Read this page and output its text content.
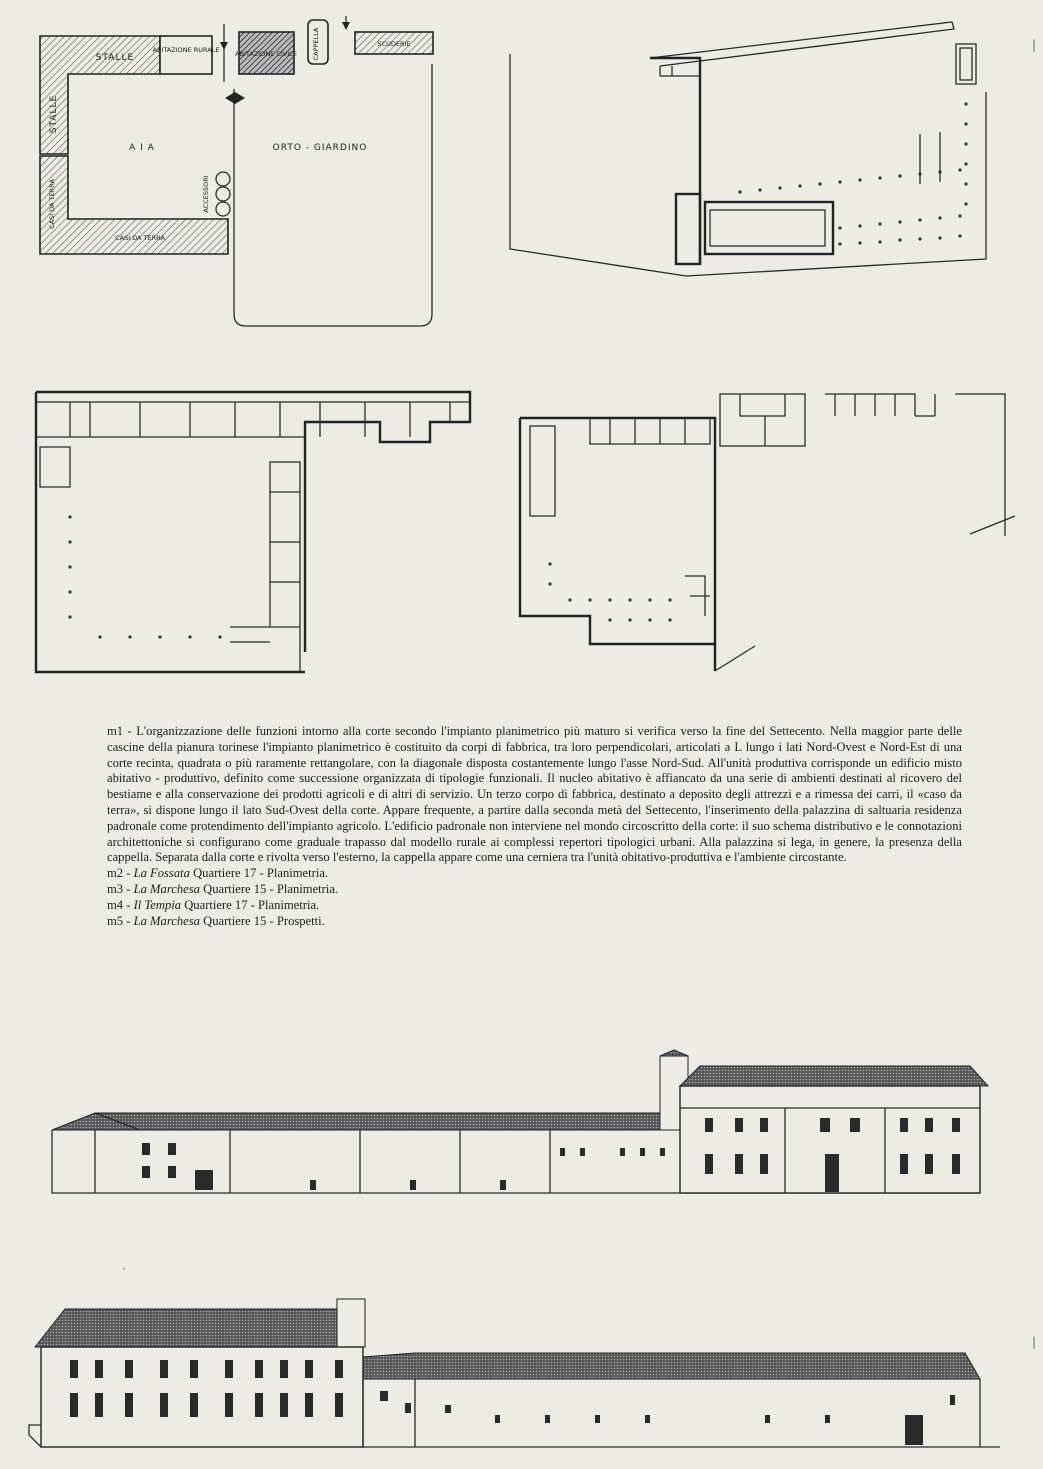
STALLE
STALLE
ABITAZIONE RURALE ABITAZIONE CIVILE CAPPELLA	SCUDERIE
A I A	ORTO - GIARDINO
ACCESSORI
CASI DA TERRA
CASI DA TERRA

m1 - L'organizzazione delle funzioni intorno alla corte secondo l'impianto planimetrico più maturo si verifica verso la fine del Settecento. Nella maggior parte delle cascine della pianura torinese l'impianto planimetrico è costituito da corpi di fabbrica, tra loro perpendicolari, articolati a L lungo i lati Nord-Ovest e Nord-Est di una corte recinta, quadrata o più raramente rettangolare, con la diagonale disposta costantemente lungo l'asse Nord-Sud. All'unità produttiva corrisponde un edificio misto abitativo - produttivo, definito come successione organizzata di tipologie funzionali. Il nucleo abitativo è affiancato da una serie di ambienti destinati al ricovero del bestiame e alla conservazione dei prodotti agricoli e di altri di servizio. Un terzo corpo di fabbrica, destinato a deposito degli attrezzi e a rimessa dei carri, il «caso da terra», si dispone lungo il lato Sud-Ovest della corte. Appare frequente, a partire dalla seconda metà del Settecento, l'inserimento della palazzina di saltuaria residenza padronale come protendimento dell'impianto agricolo. L'edificio padronale non interviene nel mondo circoscritto della corte: il suo schema distributivo e le connotazioni architettoniche si configurano come graduale trapasso dal modello rurale ai complessi repertori tipologici urbani. Alla palazzina si lega, in genere, la presenza della cappella. Separata dalla corte e rivolta verso l'esterno, la cappella appare come una cerniera tra l'unità obitativo-produttiva e l'ambiente circostante.

m2 - La Fossata Quartiere 17 - Planimetria.
m3 - La Marchesa Quartiere 15 - Planimetria.
m4 - Il Tempia Quartiere 17 - Planimetria.
m5 - La Marchesa Quartiere 15 - Prospetti.
·
|
|
